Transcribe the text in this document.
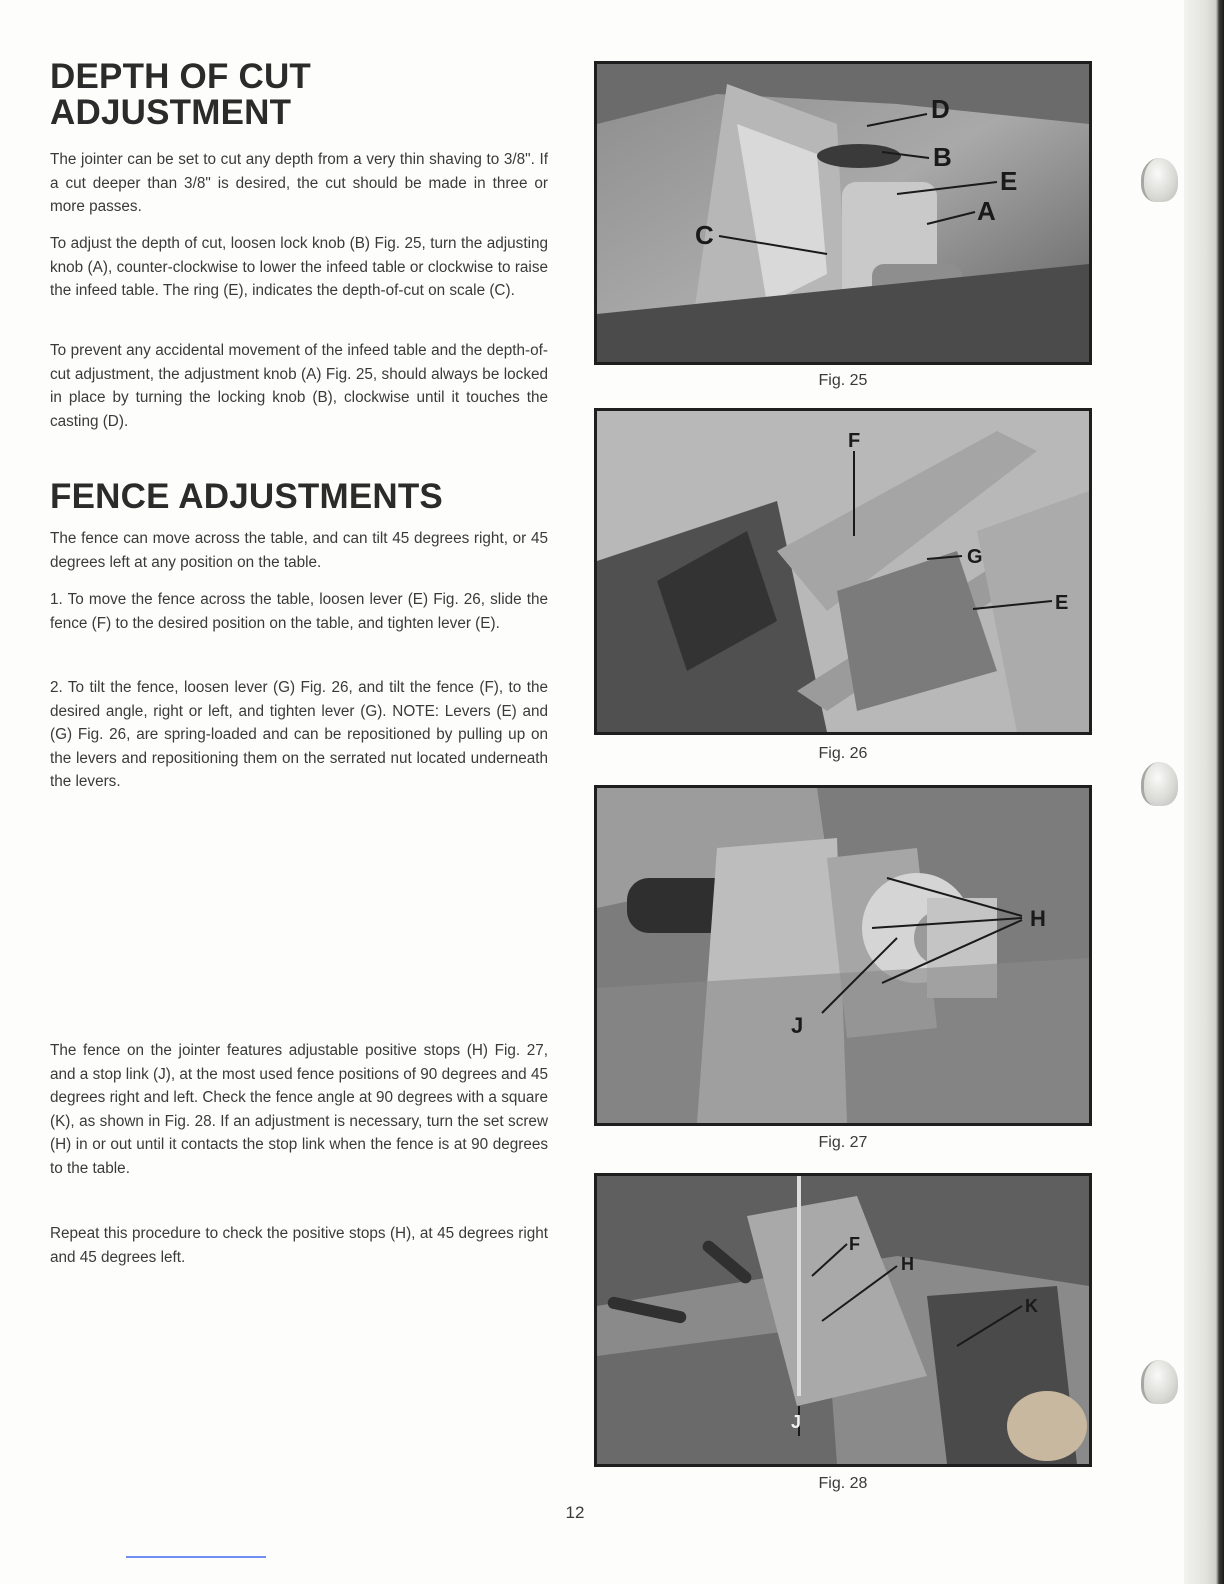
DEPTH OF CUT
ADJUSTMENT

The jointer can be set to cut any depth from a very thin shaving to 3/8". If a cut deeper than 3/8" is desired, the cut should be made in three or more passes.

To adjust the depth of cut, loosen lock knob (B) Fig. 25, turn the adjusting knob (A), counter-clockwise to lower the infeed table or clockwise to raise the infeed table. The ring (E), indicates the depth-of-cut on scale (C).

To prevent any accidental movement of the infeed table and the depth-of-cut adjustment, the adjustment knob (A) Fig. 25, should always be locked in place by turning the locking knob (B), clockwise until it touches the casting (D).

FENCE ADJUSTMENTS

The fence can move across the table, and can tilt 45 degrees right, or 45 degrees left at any position on the table.

1. To move the fence across the table, loosen lever (E) Fig. 26, slide the fence (F) to the desired position on the table, and tighten lever (E).

2. To tilt the fence, loosen lever (G) Fig. 26, and tilt the fence (F), to the desired angle, right or left, and tighten lever (G). NOTE: Levers (E) and (G) Fig. 26, are spring-loaded and can be repositioned by pulling up on the levers and repositioning them on the serrated nut located underneath the levers.

The fence on the jointer features adjustable positive stops (H) Fig. 27, and a stop link (J), at the most used fence positions of 90 degrees and 45 degrees right and left. Check the fence angle at 90 degrees with a square (K), as shown in Fig. 28. If an adjustment is necessary, turn the set screw (H) in or out until it contacts the stop link when the fence is at 90 degrees to the table.

Repeat this procedure to check the positive stops (H), at 45 degrees right and 45 degrees left.

D
B
E
A
C
Fig. 25
F
G
E
Fig. 26
H
J
Fig. 27
F
H
K
J
Fig. 28
12
